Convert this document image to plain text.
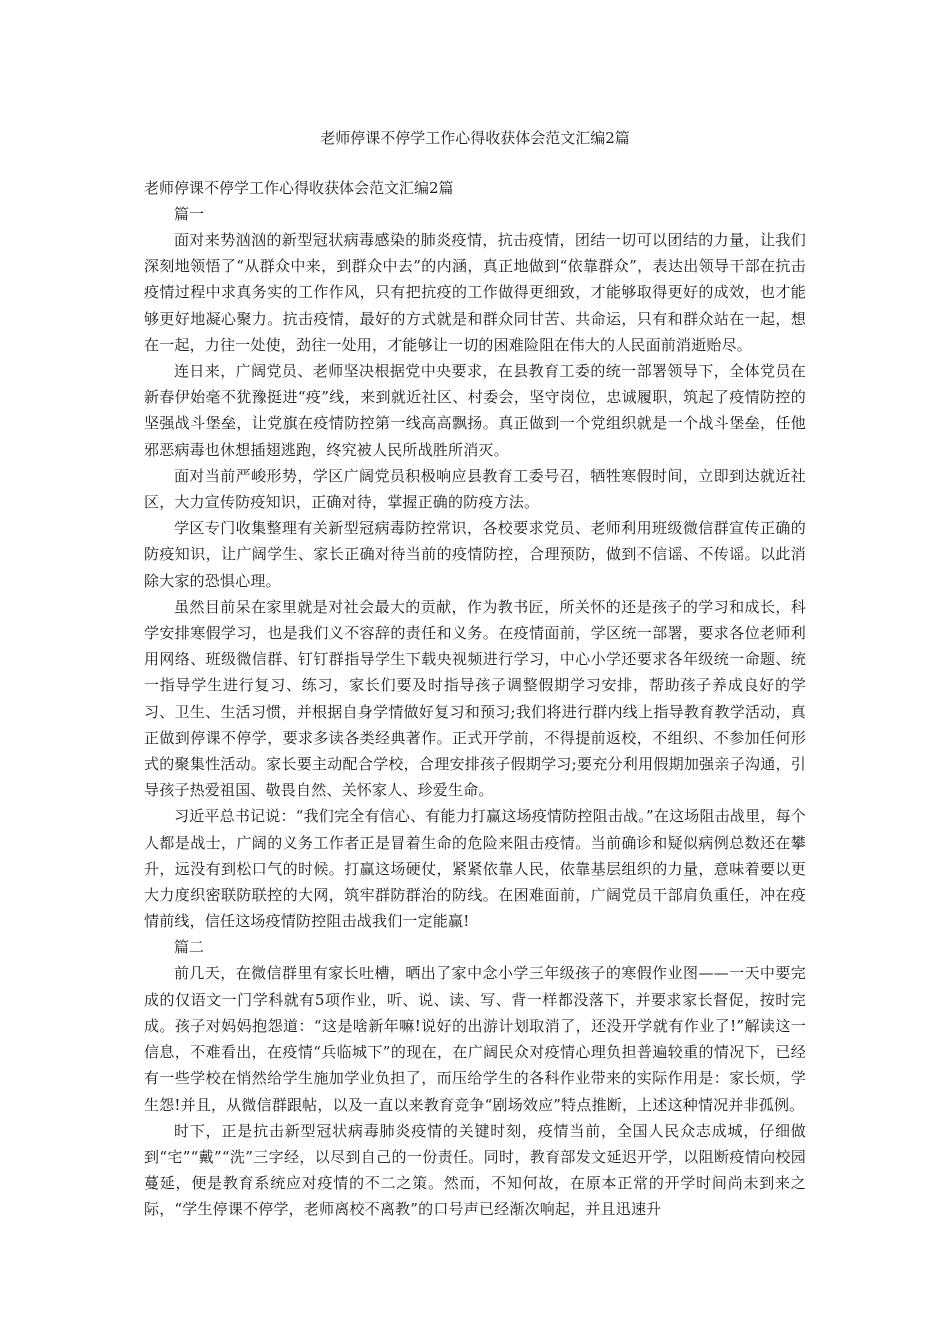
老师停课不停学工作心得收获体会范文汇编2篇

老师停课不停学工作心得收获体会范文汇编2篇

篇一

面对来势汹汹的新型冠状病毒感染的肺炎疫情，抗击疫情，团结一切可以团结的力量，让我们深刻地领悟了“从群众中来，到群众中去”的内涵，真正地做到“依靠群众”，表达出领导干部在抗击疫情过程中求真务实的工作作风，只有把抗疫的工作做得更细致，才能够取得更好的成效，也才能够更好地凝心聚力。抗击疫情，最好的方式就是和群众同甘苦、共命运，只有和群众站在一起，想在一起，力往一处使，劲往一处用，才能够让一切的困难险阻在伟大的人民面前消逝贻尽。

连日来，广阔党员、老师坚决根据党中央要求，在县教育工委的统一部署领导下，全体党员在新春伊始毫不犹豫挺进“疫”线，来到就近社区、村委会，坚守岗位，忠诚履职，筑起了疫情防控的坚强战斗堡垒，让党旗在疫情防控第一线高高飘扬。真正做到一个党组织就是一个战斗堡垒，任他邪恶病毒也休想插翅逃跑，终究被人民所战胜所消灭。

面对当前严峻形势，学区广阔党员积极响应县教育工委号召，牺牲寒假时间，立即到达就近社区，大力宣传防疫知识，正确对待，掌握正确的防疫方法。

学区专门收集整理有关新型冠病毒防控常识，各校要求党员、老师利用班级微信群宣传正确的防疫知识，让广阔学生、家长正确对待当前的疫情防控，合理预防，做到不信谣、不传谣。以此消除大家的恐惧心理。

虽然目前呆在家里就是对社会最大的贡献，作为教书匠，所关怀的还是孩子的学习和成长，科学安排寒假学习，也是我们义不容辞的责任和义务。在疫情面前，学区统一部署，要求各位老师利用网络、班级微信群、钉钉群指导学生下载央视频进行学习，中心小学还要求各年级统一命题、统一指导学生进行复习、练习，家长们要及时指导孩子调整假期学习安排，帮助孩子养成良好的学习、卫生、生活习惯，并根据自身学情做好复习和预习;我们将进行群内线上指导教育教学活动，真正做到停课不停学，要求多读各类经典著作。正式开学前，不得提前返校，不组织、不参加任何形式的聚集性活动。家长要主动配合学校，合理安排孩子假期学习;要充分利用假期加强亲子沟通，引导孩子热爱祖国、敬畏自然、关怀家人、珍爱生命。

习近平总书记说：“我们完全有信心、有能力打赢这场疫情防控阻击战。”在这场阻击战里，每个人都是战士，广阔的义务工作者正是冒着生命的危险来阻击疫情。当前确诊和疑似病例总数还在攀升，远没有到松口气的时候。打赢这场硬仗，紧紧依靠人民，依靠基层组织的力量，意味着要以更大力度织密联防联控的大网，筑牢群防群治的防线。在困难面前，广阔党员干部肩负重任，冲在疫情前线，信任这场疫情防控阻击战我们一定能赢!

篇二

前几天，在微信群里有家长吐槽，晒出了家中念小学三年级孩子的寒假作业图——一天中要完成的仅语文一门学科就有5项作业，听、说、读、写、背一样都没落下，并要求家长督促，按时完成。孩子对妈妈抱怨道：“这是啥新年嘛!说好的出游计划取消了，还没开学就有作业了!”解读这一信息，不难看出，在疫情“兵临城下”的现在，在广阔民众对疫情心理负担普遍较重的情况下，已经有一些学校在悄然给学生施加学业负担了，而压给学生的各科作业带来的实际作用是：家长烦，学生怨!并且，从微信群跟帖，以及一直以来教育竞争“剧场效应”特点推断，上述这种情况并非孤例。

时下，正是抗击新型冠状病毒肺炎疫情的关键时刻，疫情当前，全国人民众志成城，仔细做到“宅”“戴”“洗”三字经，以尽到自己的一份责任。同时，教育部发文延迟开学，以阻断疫情向校园蔓延，便是教育系统应对疫情的不二之策。然而，不知何故，在原本正常的开学时间尚未到来之际，“学生停课不停学，老师离校不离教”的口号声已经渐次响起，并且迅速升
